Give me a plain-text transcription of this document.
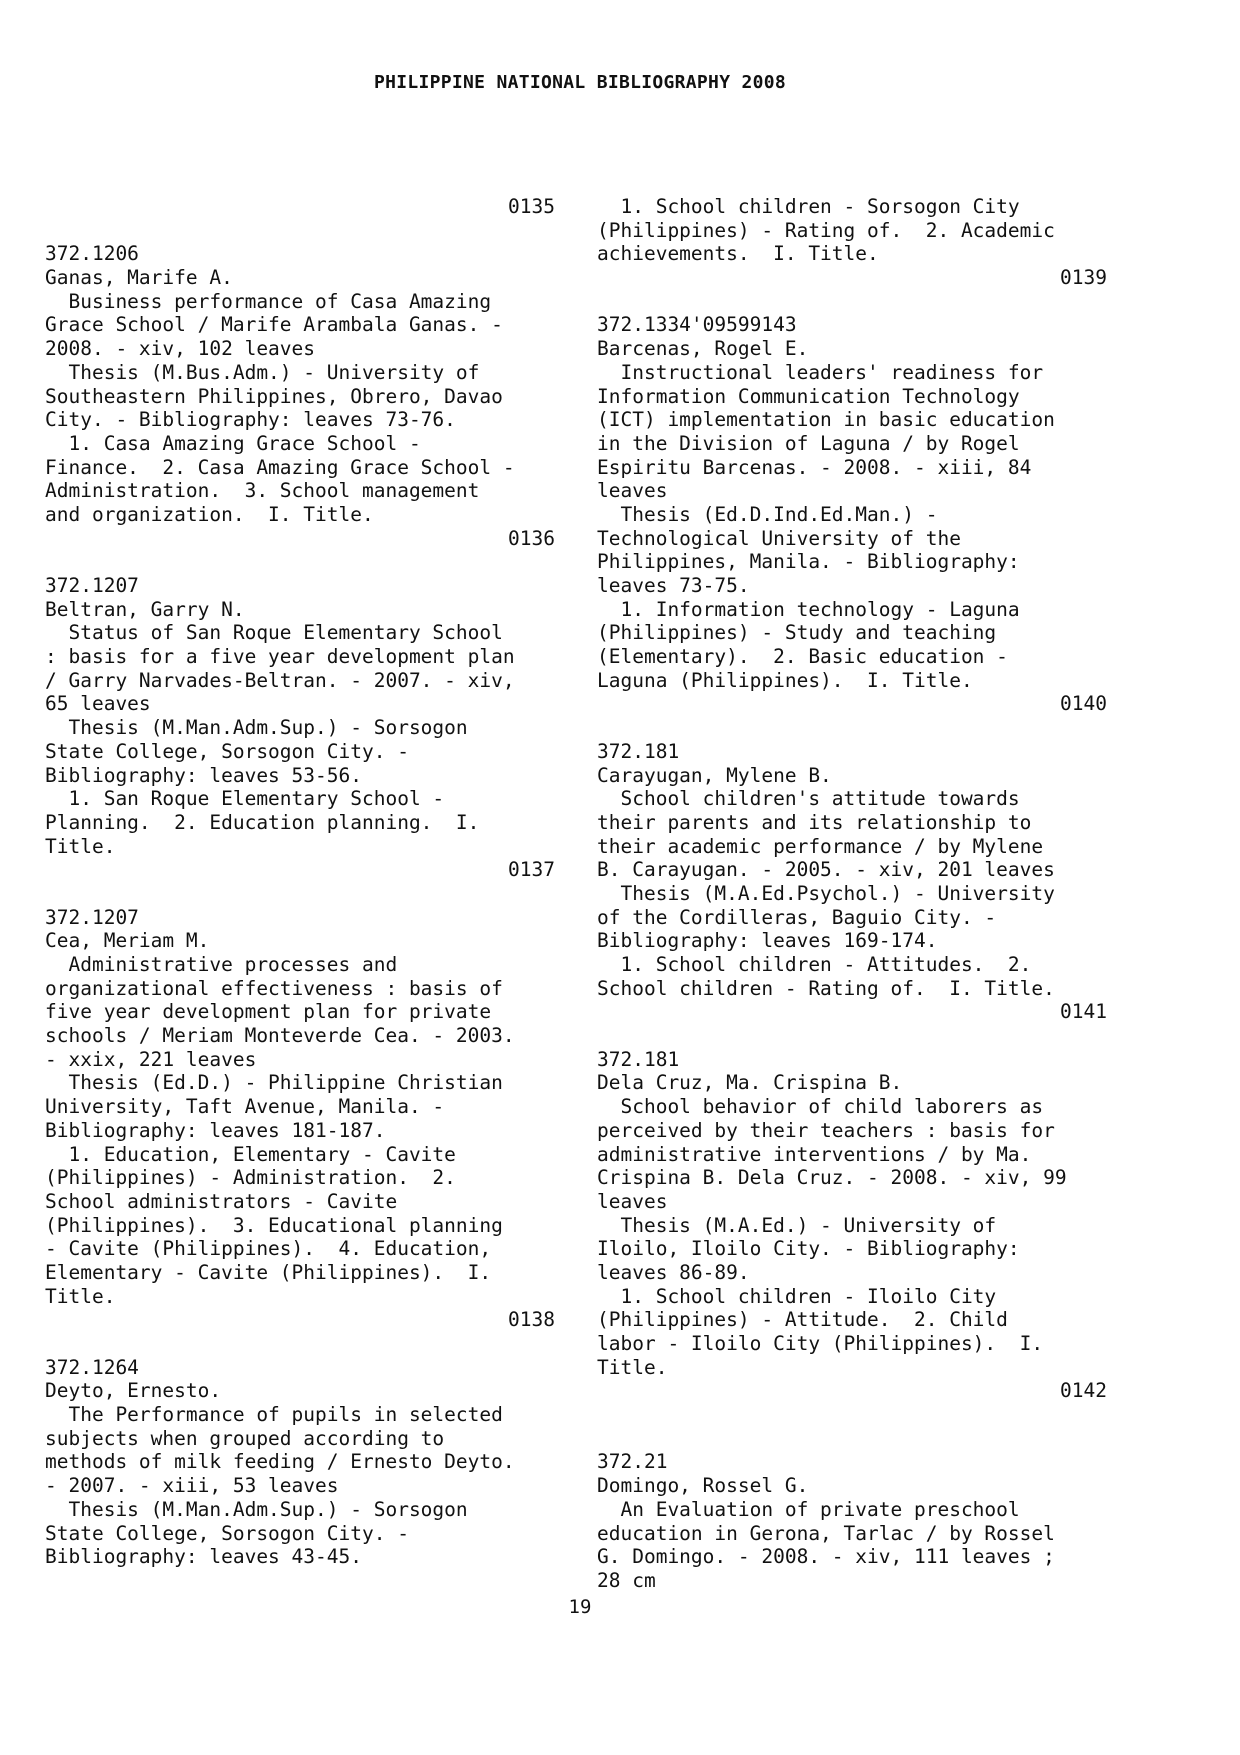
PHILIPPINE NATIONAL BIBLIOGRAPHY 2008
0135
372.1206
Ganas, Marife A.
Business performance of Casa Amazing
Grace School / Marife Arambala Ganas. -
2008. - xiv, 102 leaves
Thesis (M.Bus.Adm.) - University of
Southeastern Philippines, Obrero, Davao
City. - Bibliography: leaves 73-76.
1. Casa Amazing Grace School -
Finance.  2. Casa Amazing Grace School -
Administration.  3. School management
and organization.  I. Title.
0136
372.1207
Beltran, Garry N.
Status of San Roque Elementary School
: basis for a five year development plan
/ Garry Narvades-Beltran. - 2007. - xiv,
65 leaves
Thesis (M.Man.Adm.Sup.) - Sorsogon
State College, Sorsogon City. -
Bibliography: leaves 53-56.
1. San Roque Elementary School -
Planning.  2. Education planning.  I.
Title.
0137
372.1207
Cea, Meriam M.
Administrative processes and
organizational effectiveness : basis of
five year development plan for private
schools / Meriam Monteverde Cea. - 2003.
- xxix, 221 leaves
Thesis (Ed.D.) - Philippine Christian
University, Taft Avenue, Manila. -
Bibliography: leaves 181-187.
1. Education, Elementary - Cavite
(Philippines) - Administration.  2.
School administrators - Cavite
(Philippines).  3. Educational planning
- Cavite (Philippines).  4. Education,
Elementary - Cavite (Philippines).  I.
Title.
0138
372.1264
Deyto, Ernesto.
The Performance of pupils in selected
subjects when grouped according to
methods of milk feeding / Ernesto Deyto.
- 2007. - xiii, 53 leaves
Thesis (M.Man.Adm.Sup.) - Sorsogon
State College, Sorsogon City. -
Bibliography: leaves 43-45.
1. School children - Sorsogon City
(Philippines) - Rating of.  2. Academic
achievements.  I. Title.
0139
372.1334'09599143
Barcenas, Rogel E.
Instructional leaders' readiness for
Information Communication Technology
(ICT) implementation in basic education
in the Division of Laguna / by Rogel
Espiritu Barcenas. - 2008. - xiii, 84
leaves
Thesis (Ed.D.Ind.Ed.Man.) -
Technological University of the
Philippines, Manila. - Bibliography:
leaves 73-75.
1. Information technology - Laguna
(Philippines) - Study and teaching
(Elementary).  2. Basic education -
Laguna (Philippines).  I. Title.
0140
372.181
Carayugan, Mylene B.
School children's attitude towards
their parents and its relationship to
their academic performance / by Mylene
B. Carayugan. - 2005. - xiv, 201 leaves
Thesis (M.A.Ed.Psychol.) - University
of the Cordilleras, Baguio City. -
Bibliography: leaves 169-174.
1. School children - Attitudes.  2.
School children - Rating of.  I. Title.
0141
372.181
Dela Cruz, Ma. Crispina B.
School behavior of child laborers as
perceived by their teachers : basis for
administrative interventions / by Ma.
Crispina B. Dela Cruz. - 2008. - xiv, 99
leaves
Thesis (M.A.Ed.) - University of
Iloilo, Iloilo City. - Bibliography:
leaves 86-89.
1. School children - Iloilo City
(Philippines) - Attitude.  2. Child
labor - Iloilo City (Philippines).  I.
Title.
0142
372.21
Domingo, Rossel G.
An Evaluation of private preschool
education in Gerona, Tarlac / by Rossel
G. Domingo. - 2008. - xiv, 111 leaves ;
28 cm
19
